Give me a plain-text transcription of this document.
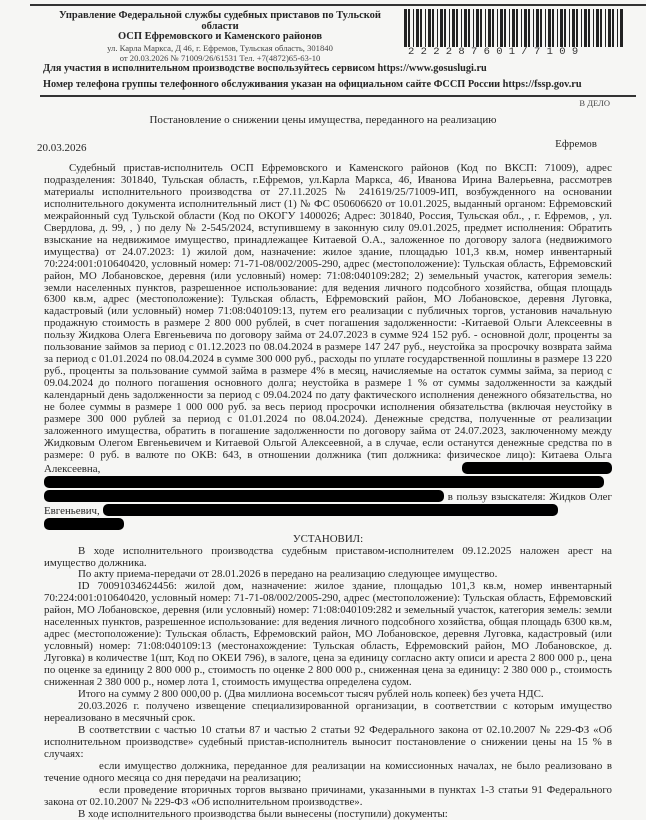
Управление Федеральной службы судебных приставов по Тульской области
ОСП Ефремовского и Каменского районов
ул. Карла Маркса, Д 46, г. Ефремов, Тульская область, 301840
от 20.03.2026 № 71009/26/61531 Тел. +7(4872)65-63-10	222287601/7109
Для участия в исполнительном производстве воспользуйтесь сервисом https://www.gosuslugi.ru
Номер телефона группы телефонного обслуживания указан на официальном сайте ФССП России https://fssp.gov.ru
В ДЕЛО
Постановление о снижении цены имущества, переданного на реализацию
20.03.2026	Ефремов

Судебный пристав-исполнитель ОСП Ефремовского и Каменского районов (Код по ВКСП: 71009), адрес подразделения: 301840, Тульская область, г.Ефремов, ул.Карла Маркса, 46, Иванова Ирина Валерьевна, рассмотрев материалы исполнительного производства от 27.11.2025 № 241619/25/71009-ИП, возбужденного на основании исполнительного документа исполнительный лист (1) № ФС 050606620 от 10.01.2025, выданный органом: Ефремовский межрайонный суд Тульской области (Код по ОКОГУ 1400026; Адрес: 301840, Россия, Тульская обл., , г. Ефремов, , ул. Свердлова, д. 99, , ) по делу № 2-545/2024, вступившему в законную силу 09.01.2025, предмет исполнения: Обратить взыскание на недвижимое имущество, принадлежащее Китаевой О.А., заложенное по договору залога (недвижимого имущества) от 24.07.2023: 1) жилой дом, назначение: жилое здание, площадью 101,3 кв.м, номер инвентарный 70:224:001:010640420, условный номер: 71-71-08/002/2005-290, адрес (местоположение): Тульская область, Ефремовский район, МО Лобановское, деревня (или условный) номер: 71:08:040109:282; 2) земельный участок, категория земель: земли населенных пунктов, разрешенное использование: для ведения личного подсобного хозяйства, общая площадь 6300 кв.м, адрес (местоположение): Тульская область, Ефремовский район, МО Лобановское, деревня Луговка, кадастровый (или условный) номер 71:08:040109:13, путем его реализации с публичных торгов, установив начальную продажную стоимость в размере 2 800 000 рублей, в счет погашения задолженности: -Китаевой Ольги Алексеевны в пользу Жидкова Олега Евгеньевича по договору займа от 24.07.2023 в сумме 924 152 руб. - основной долг, проценты за пользование займов за период с 01.12.2023 по 08.04.2024 в размере 147 247 руб., неустойка за просрочку возврата займа за период с 01.01.2024 по 08.04.2024 в сумме 300 000 руб., расходы по уплате государственной пошлины в размере 13 220 руб., проценты за пользование суммой займа в размере 4% в месяц, начисляемые на остаток суммы займа, за период с 09.04.2024 до полного погашения основного долга; неустойка в размере 1 % от суммы задолженности за каждый календарный день задолженности за период с 09.04.2024 по дату фактического исполнения денежного обязательства, но не более суммы в размере 1 000 000 руб. за весь период просрочки исполнения обязательства (включая неустойку в размере 300 000 рублей за период с 01.01.2024 по 08.04.2024). Денежные средства, полученные от реализации заложенного имущества, обратить в погашение задолженности по договору займа от 24.07.2023, заключенному между Жидковым Олегом Евгеньевичем и Китаевой Ольгой Алексеевной, а в случае, если останутся денежные средства по в размере: 0 руб. в валюте по ОКВ: 643, в отношении должника (тип должника: физическое лицо): Китаева Ольга Алексеевна,  в пользу взыскателя: Жидков Олег Евгеньевич,

УСТАНОВИЛ:

В ходе исполнительного производства судебным приставом-исполнителем 09.12.2025 наложен арест на имущество должника.

По акту приема-передачи от 28.01.2026 в передано на реализацию следующее имущество.

ID 70091034624456: жилой дом, назначение: жилое здание, площадью 101,3 кв.м, номер инвентарный 70:224:001:010640420, условный номер: 71-71-08/002/2005-290, адрес (местоположение): Тульская область, Ефремовский район, МО Лобановское, деревня (или условный) номер: 71:08:040109:282 и земельный участок, категория земель: земли населенных пунктов, разрешенное использование: для ведения личного подсобного хозяйства, общая площадь 6300 кв.м, адрес (местоположение): Тульская область, Ефремовский район, МО Лобановское, деревня Луговка, кадастровый (или условный) номер: 71:08:040109:13 (местонахождение: Тульская область, Ефремовский район, МО Лобановское, д. Луговка) в количестве 1(шт, Код по ОКЕИ 796), в залоге, цена за единицу согласно акту описи и ареста 2 800 000 р., цена по оценке за единицу 2 800 000 р., стоимость по оценке 2 800 000 р., сниженная цена за единицу: 2 380 000 р., стоимость сниженная 2 380 000 р., номер лота 1, стоимость имущества определена судом.

Итого на сумму 2 800 000,00 р. (Два миллиона восемьсот тысяч рублей ноль копеек) без учета НДС.

20.03.2026 г. получено извещение специализированной организации, в соответствии с которым имущество нереализовано в месячный срок.

В соответствии с частью 10 статьи 87 и частью 2 статьи 92 Федерального закона от 02.10.2007 № 229-ФЗ «Об исполнительном производстве» судебный пристав-исполнитель выносит постановление о снижении цены на 15 % в случаях:

если имущество должника, переданное для реализации на комиссионных началах, не было реализовано в течение одного месяца со дня передачи на реализацию;

если проведение вторичных торгов вызвано причинами, указанными в пунктах 1-3 статьи 91 Федерального закона от 02.10.2007 № 229-ФЗ «Об исполнительном производстве».

В ходе исполнительного производства были вынесены (поступили) документы:
